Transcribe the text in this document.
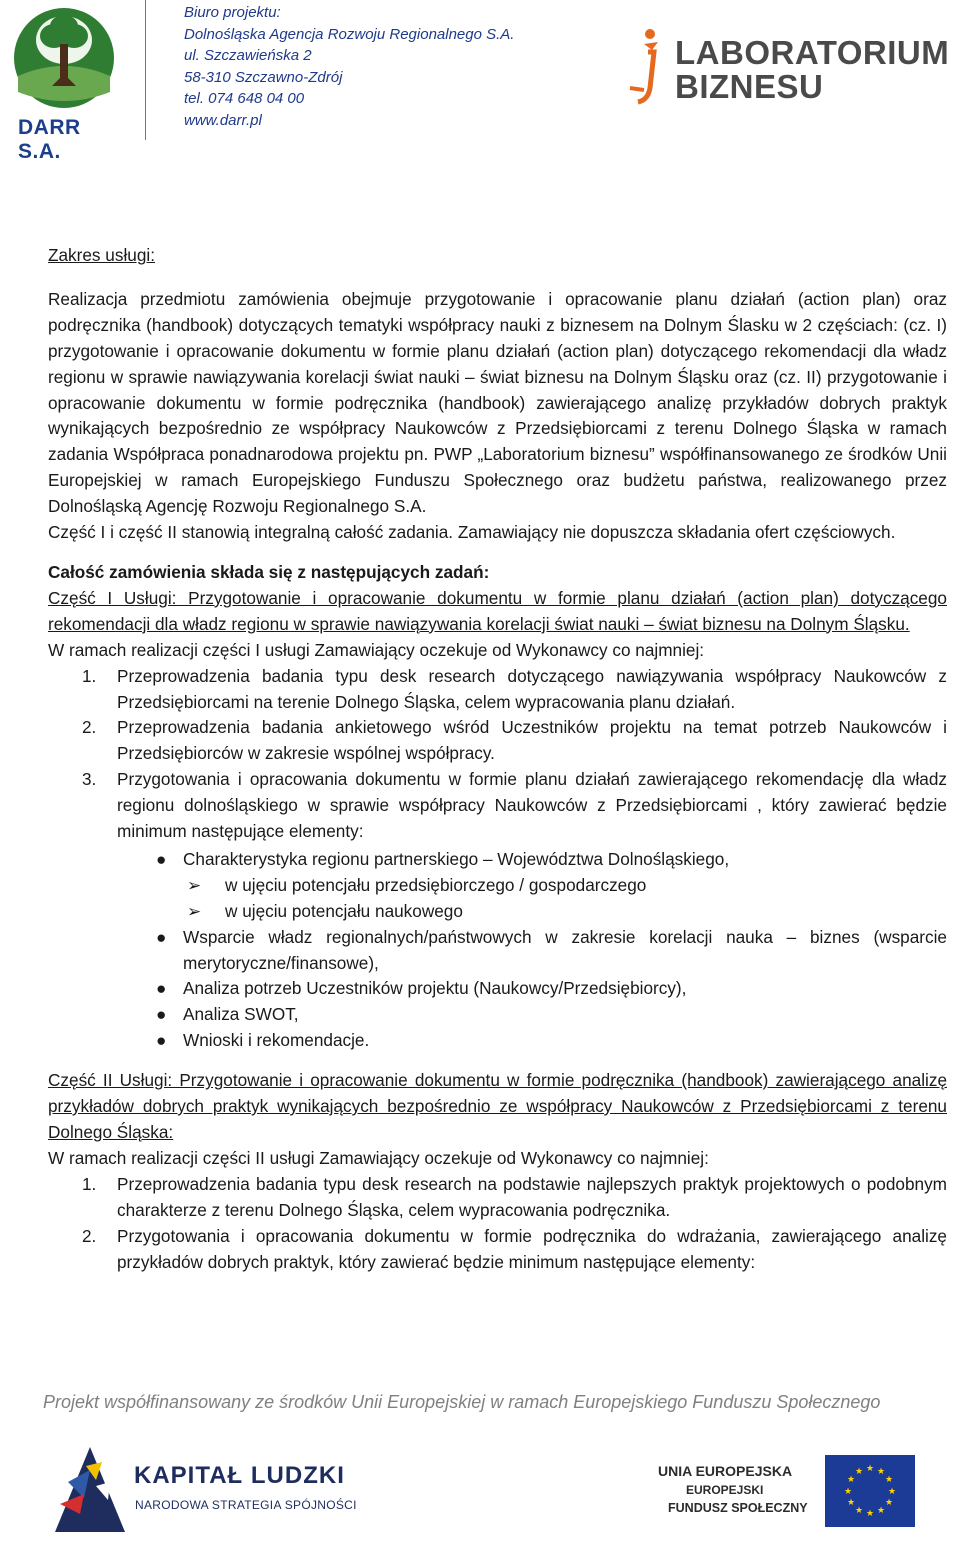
DARR S.A.
Biuro projektu:
Dolnośląska Agencja Rozwoju Regionalnego S.A.
ul. Szczawieńska 2
58-310 Szczawno-Zdrój
tel. 074 648 04 00
www.darr.pl
LABORATORIUM
BIZNESU

Zakres usługi:

Realizacja przedmiotu zamówienia obejmuje przygotowanie i opracowanie planu działań (action plan) oraz podręcznika (handbook) dotyczących tematyki współpracy nauki z biznesem na Dolnym Ślasku w 2 częściach: (cz. I) przygotowanie i opracowanie dokumentu w formie planu działań (action plan) dotyczącego rekomendacji dla władz regionu w sprawie nawiązywania korelacji świat nauki – świat biznesu na Dolnym Śląsku oraz (cz. II) przygotowanie i opracowanie dokumentu w formie podręcznika (handbook) zawierającego analizę przykładów dobrych praktyk wynikających bezpośrednio ze współpracy Naukowców z Przedsiębiorcami z terenu Dolnego Śląska w ramach zadania Współpraca ponadnarodowa projektu pn. PWP „Laboratorium biznesu” współfinansowanego ze środków Unii Europejskiej w ramach Europejskiego Funduszu Społecznego oraz budżetu państwa, realizowanego przez Dolnośląską Agencję Rozwoju Regionalnego S.A.

Część I i część II stanowią integralną całość zadania. Zamawiający nie dopuszcza składania ofert częściowych.

Całość zamówienia składa się z następujących zadań:

Część I Usługi: Przygotowanie i opracowanie dokumentu w formie planu działań (action plan) dotyczącego rekomendacji dla władz regionu w sprawie nawiązywania korelacji świat nauki – świat biznesu na Dolnym Śląsku.

W ramach realizacji części I usługi Zamawiający oczekuje od Wykonawcy co najmniej:

1. Przeprowadzenia badania typu desk research dotyczącego nawiązywania współpracy Naukowców z Przedsiębiorcami na terenie Dolnego Śląska, celem wypracowania planu działań.
2. Przeprowadzenia badania ankietowego wśród Uczestników projektu na temat potrzeb Naukowców i Przedsiębiorców w zakresie wspólnej współpracy.
3. Przygotowania i opracowania dokumentu w formie planu działań zawierającego rekomendację dla władz regionu dolnośląskiego w sprawie współpracy Naukowców z Przedsiębiorcami , który zawierać będzie minimum następujące elementy:
● Charakterystyka regionu partnerskiego – Województwa Dolnośląskiego,
➢ w ujęciu potencjału przedsiębiorczego / gospodarczego
➢ w ujęciu potencjału naukowego
● Wsparcie władz regionalnych/państwowych w zakresie korelacji nauka – biznes (wsparcie merytoryczne/finansowe),
● Analiza potrzeb Uczestników projektu (Naukowcy/Przedsiębiorcy),
● Analiza SWOT,
● Wnioski i rekomendacje.

Część II Usługi: Przygotowanie i opracowanie dokumentu w formie podręcznika (handbook) zawierającego analizę przykładów dobrych praktyk wynikających bezpośrednio ze współpracy Naukowców z Przedsiębiorcami z terenu Dolnego Śląska:

W ramach realizacji części II usługi Zamawiający oczekuje od Wykonawcy co najmniej:

1. Przeprowadzenia badania typu desk research na podstawie najlepszych praktyk projektowych o podobnym charakterze z terenu Dolnego Śląska, celem wypracowania podręcznika.
2. Przygotowania i opracowania dokumentu w formie podręcznika do wdrażania, zawierającego analizę przykładów dobrych praktyk, który zawierać będzie minimum następujące elementy:
Projekt współfinansowany ze środków Unii Europejskiej w ramach Europejskiego Funduszu Społecznego
KAPITAŁ LUDZKI
NARODOWA STRATEGIA SPÓJNOŚCI
UNIA EUROPEJSKA
EUROPEJSKI
FUNDUSZ SPOŁECZNY
★ ★
★
★
★
★
★
★
★
★
★
★
